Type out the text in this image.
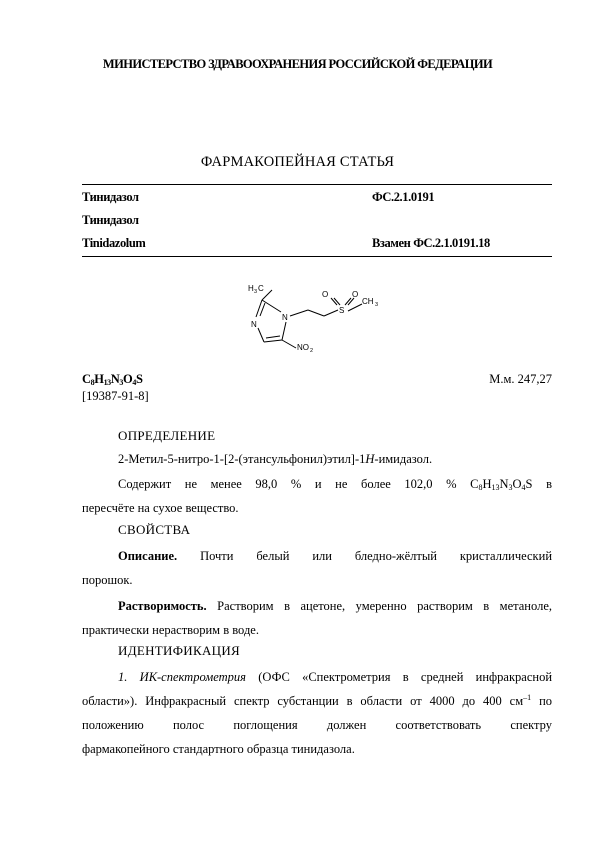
МИНИСТЕРСТВО ЗДРАВООХРАНЕНИЯ РОССИЙСКОЙ ФЕДЕРАЦИИ
ФАРМАКОПЕЙНАЯ СТАТЬЯ
Тинидазол	ФС.2.1.0191
Тинидазол
Tinidazolum	Взамен ФС.2.1.0191.18
H 3 C
N
N
O	O
S
CH 3
NO 2
$C_8H_{13}N_3O_4S$
[19387-91-8]
М.м. 247,27
ОПРЕДЕЛЕНИЕ
2-Метил-5-нитро-1-[2-(этансульфонил)этил]-1H-имидазол.
Содержит не менее 98,0 % и не более 102,0 % $C_8H_{13}N_3O_4S$ в
пересчёте на сухое вещество.
СВОЙСТВА
Описание. Почти белый или бледно-жёлтый кристаллический
порошок.
Растворимость. Растворим в ацетоне, умеренно растворим в метаноле,
практически нерастворим в воде.
ИДЕНТИФИКАЦИЯ
1. ИК-спектрометрия (ОФС «Спектрометрия в средней инфракрасной
области»). Инфракрасный спектр субстанции в области от 4000 до 400 $см^{-1}$ по
положению полос поглощения должен соответствовать спектру
фармакопейного стандартного образца тинидазола.
